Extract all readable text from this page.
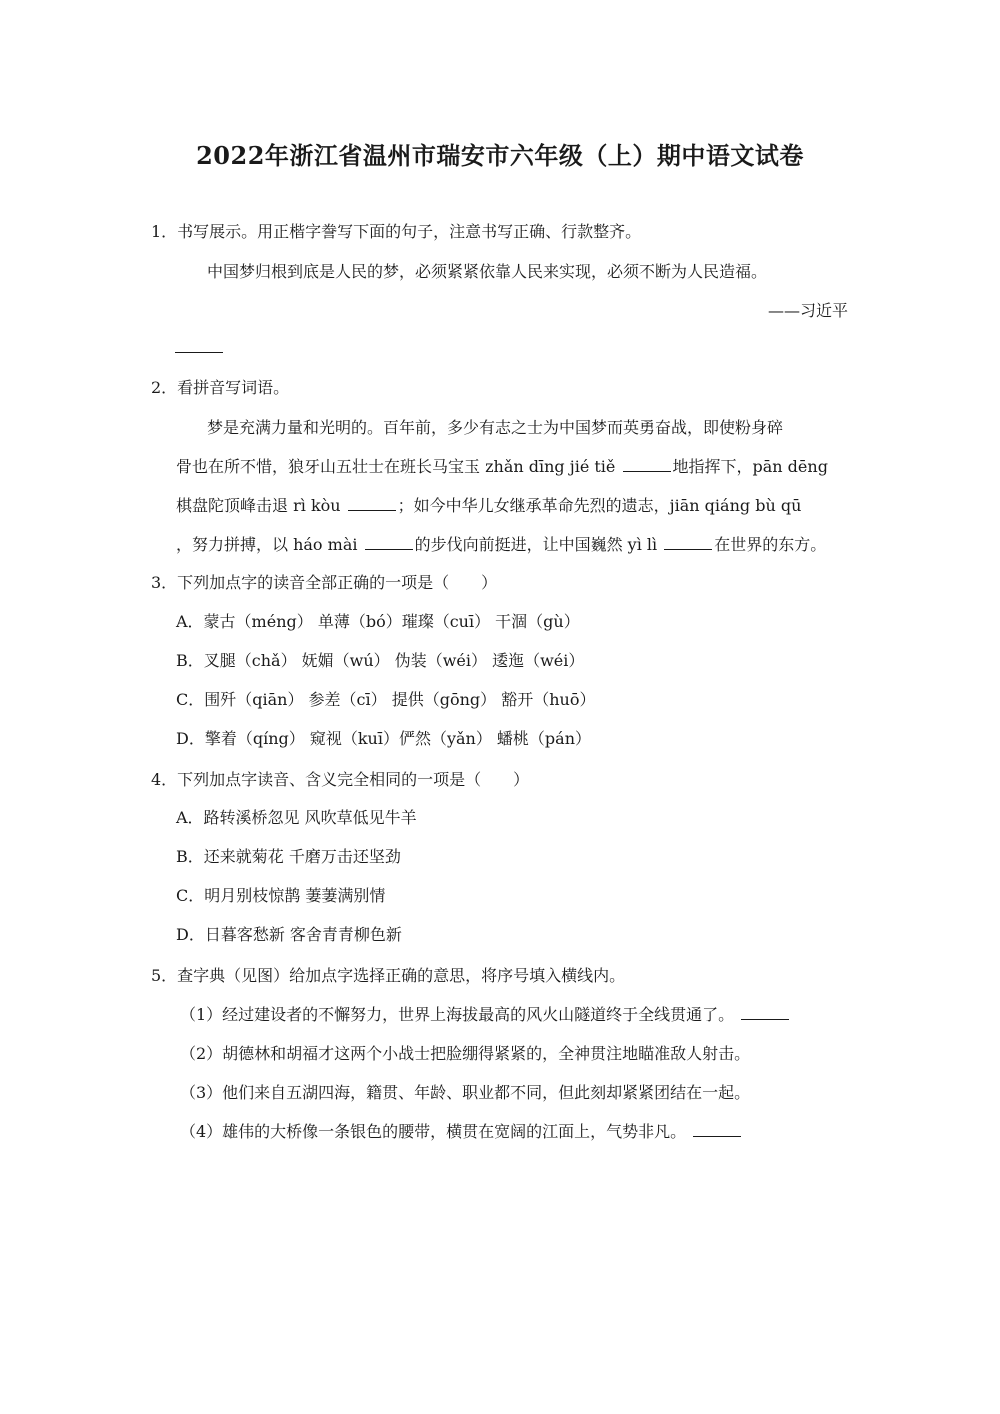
2022年浙江省温州市瑞安市六年级（上）期中语文试卷
1．书写展示。用正楷字誊写下面的句子，注意书写正确、行款整齐。
中国梦归根到底是人民的梦，必须紧紧依靠人民来实现，必须不断为人民造福。
——习近平
2．看拼音写词语。
梦是充满力量和光明的。百年前，多少有志之士为中国梦而英勇奋战，即使粉身碎
骨也在所不惜，狼牙山五壮士在班长马宝玉 zhǎn dīng jié tiě	地指挥下，pān dēng
棋盘陀顶峰击退 rì kòu	；如今中华儿女继承革命先烈的遗志，jiān qiáng bù qū
，努力拼搏，以 háo mài	的步伐向前挺进，让中国巍然 yì lì	在世界的东方。
3．下列加点字的读音全部正确的一项是（　　）
A．蒙古（méng） 单薄（bó）璀璨（cuī） 干涸（gù）
B．叉腿（chǎ） 妩媚（wú） 伪装（wéi） 逶迤（wéi）
C．围歼（qiān） 参差（cī） 提供（gōng） 豁开（huō）
D．擎着（qíng） 窥视（kuī）俨然（yǎn） 蟠桃（pán）
4．下列加点字读音、含义完全相同的一项是（　　）
A．路转溪桥忽见 风吹草低见牛羊
B．还来就菊花 千磨万击还坚劲
C．明月别枝惊鹊 萋萋满别情
D．日暮客愁新 客舍青青柳色新
5．查字典（见图）给加点字选择正确的意思，将序号填入横线内。
（1）经过建设者的不懈努力，世界上海拔最高的风火山隧道终于全线贯通了。
（2）胡德林和胡福才这两个小战士把脸绷得紧紧的，全神贯注地瞄准敌人射击。
（3）他们来自五湖四海，籍贯、年龄、职业都不同，但此刻却紧紧团结在一起。
（4）雄伟的大桥像一条银色的腰带，横贯在宽阔的江面上，气势非凡。
